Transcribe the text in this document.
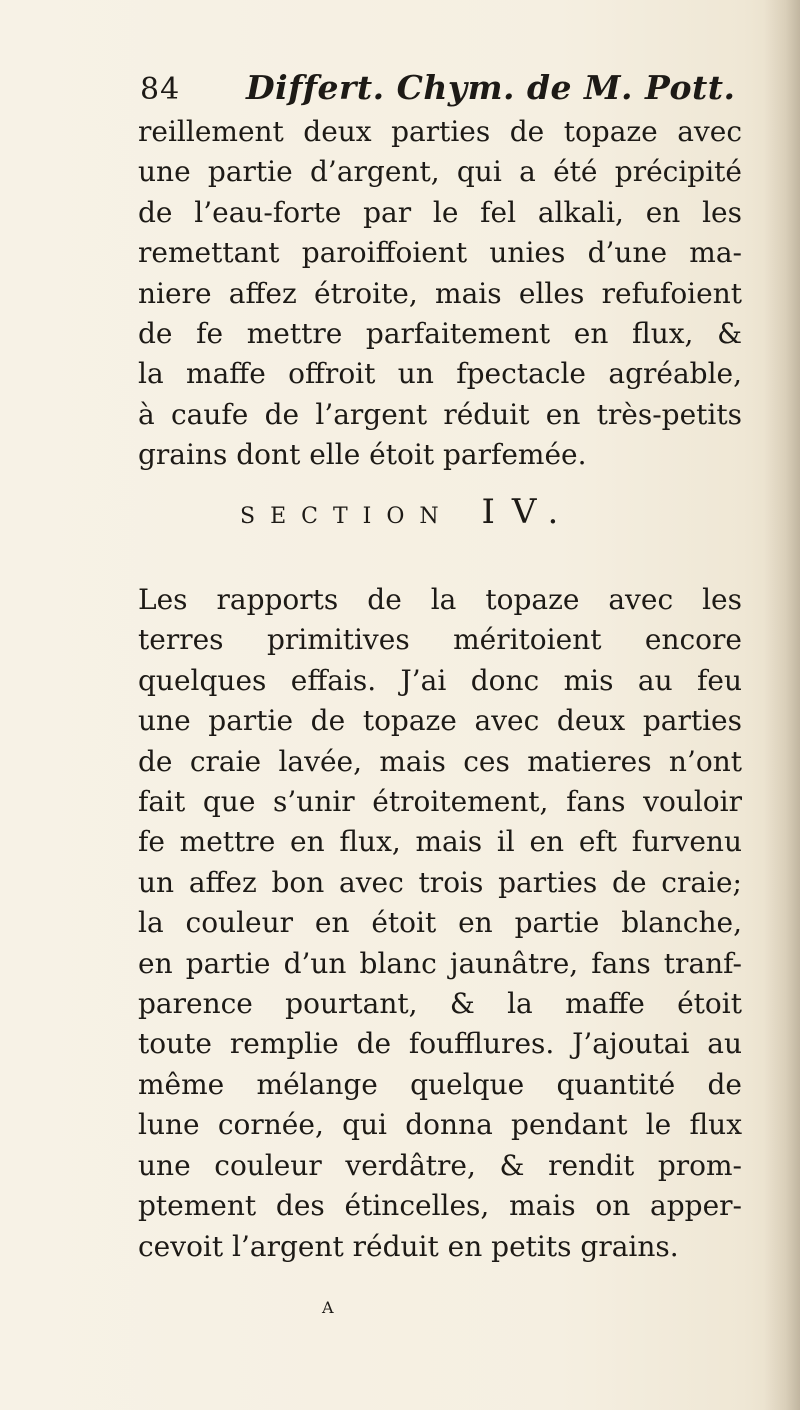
84 Differt. Chym. de M. Pott.
reillement deux parties de topaze avec
une partie d’argent, qui a été précipité
de l’eau-forte par le fel alkali, en les
remettant paroiffoient unies d’une ma-
niere affez étroite, mais elles refufoient
de fe mettre parfaitement en flux, &
la maffe offroit un fpectacle agréable,
à caufe de l’argent réduit en très-petits
grains dont elle étoit parfemée.
SECTION IV.
Les rapports de la topaze avec les
terres primitives méritoient encore
quelques effais. J’ai donc mis au feu
une partie de topaze avec deux parties
de craie lavée, mais ces matieres n’ont
fait que s’unir étroitement, fans vouloir
fe mettre en flux, mais il en eft furvenu
un affez bon avec trois parties de craie;
la couleur en étoit en partie blanche,
en partie d’un blanc jaunâtre, fans tranf-
parence pourtant, & la maffe étoit
toute remplie de foufflures. J’ajoutai au
même mélange quelque quantité de
lune cornée, qui donna pendant le flux
une couleur verdâtre, & rendit prom-
ptement des étincelles, mais on apper-
cevoit l’argent réduit en petits grains.
A
